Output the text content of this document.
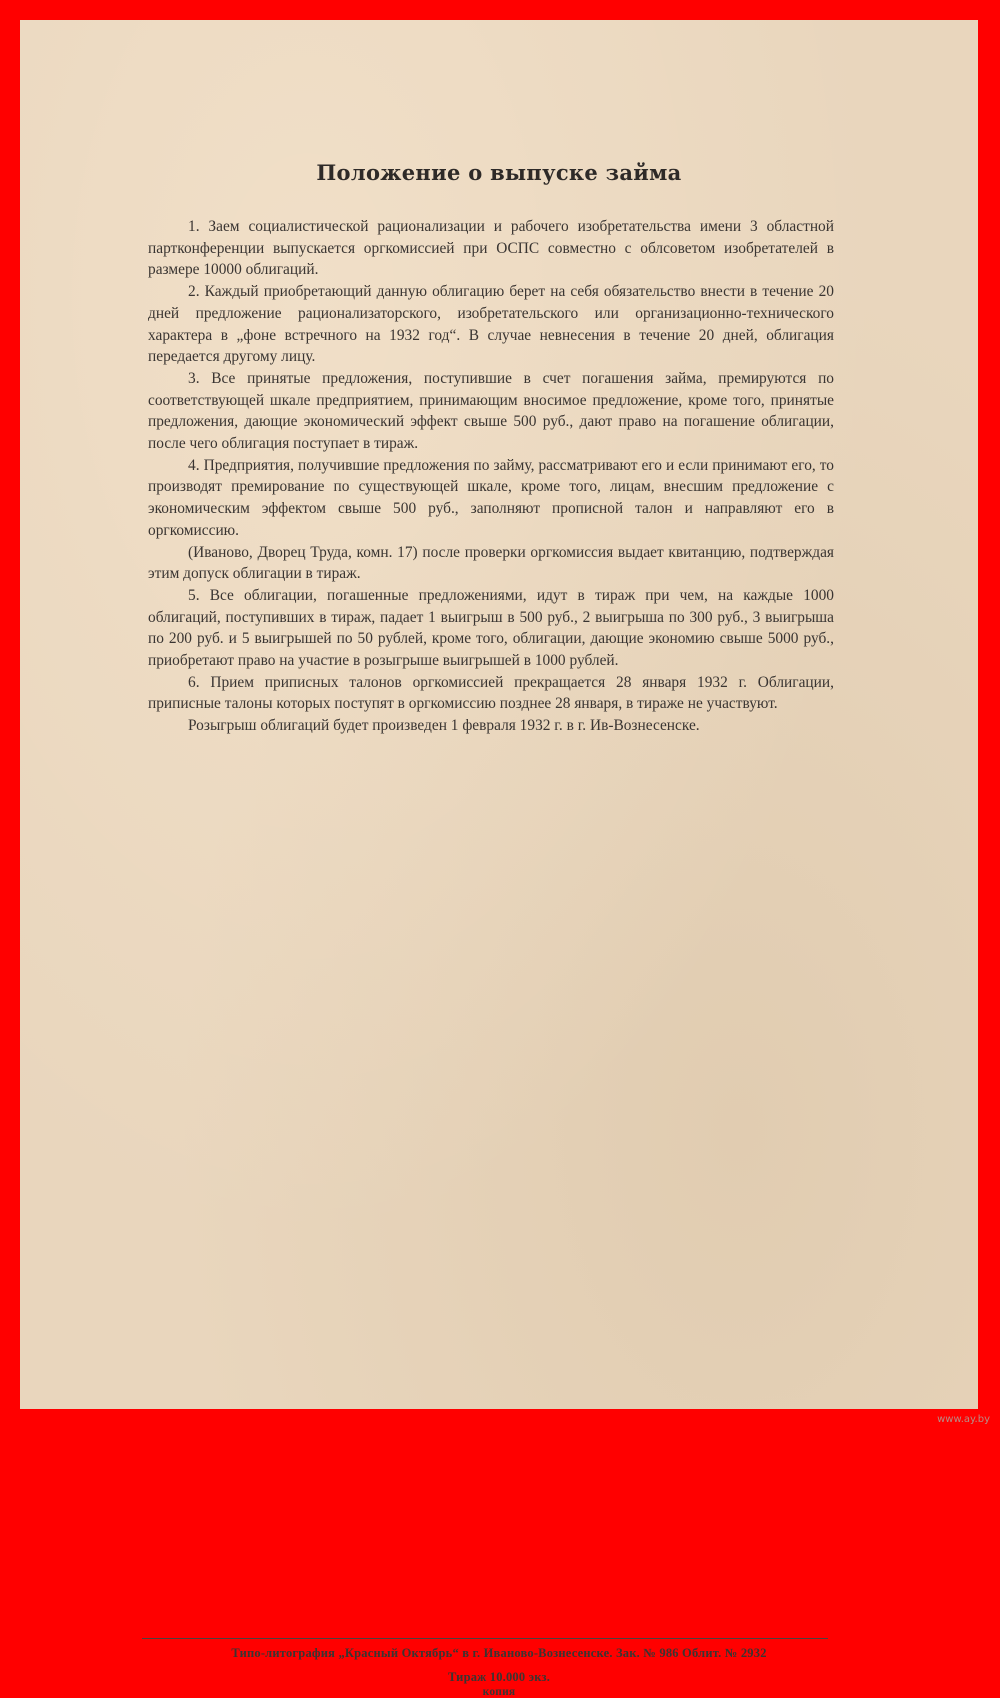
Положение о выпуске займа

1. Заем социалистической рационализации и рабочего изобретательства имени 3 областной партконференции выпускается оргкомиссией при ОСПС совместно с облсоветом изобретателей в размере 10000 облигаций.

2. Каждый приобретающий данную облигацию берет на себя обязательство внести в течение 20 дней предложение рационализаторского, изобретательского или организационно-технического характера в „фоне встречного на 1932 год“. В случае невнесения в течение 20 дней, облигация передается другому лицу.

3. Все принятые предложения, поступившие в счет погашения займа, премируются по соответствующей шкале предприятием, принимающим вносимое предложение, кроме того, принятые предложения, дающие экономический эффект свыше 500 руб., дают право на погашение облигации, после чего облигация поступает в тираж.

4. Предприятия, получившие предложения по займу, рассматривают его и если принимают его, то производят премирование по существующей шкале, кроме того, лицам, внесшим предложение с экономическим эффектом свыше 500 руб., заполняют прописной талон и направляют его в оргкомиссию.

(Иваново, Дворец Труда, комн. 17) после проверки оргкомиссия выдает квитанцию, подтверждая этим допуск облигации в тираж.

5. Все облигации, погашенные предложениями, идут в тираж при чем, на каждые 1000 облигаций, поступивших в тираж, падает 1 выигрыш в 500 руб., 2 выигрыша по 300 руб., 3 выигрыша по 200 руб. и 5 выигрышей по 50 рублей, кроме того, облигации, дающие экономию свыше 5000 руб., приобретают право на участие в розыгрыше выигрышей в 1000 рублей.

6. Прием приписных талонов оргкомиссией прекращается 28 января 1932 г. Облигации, приписные талоны которых поступят в оргкомиссию позднее 28 января, в тираже не участвуют.

Розыгрыш облигаций будет произведен 1 февраля 1932 г. в г. Ив-Вознесенске.

Типо-литография „Красный Октябрь“ в г. Иваново-Вознесенске. Зак. № 986 Облит. № 2932
Тираж 10.000 экз.
копия
www.ay.by
